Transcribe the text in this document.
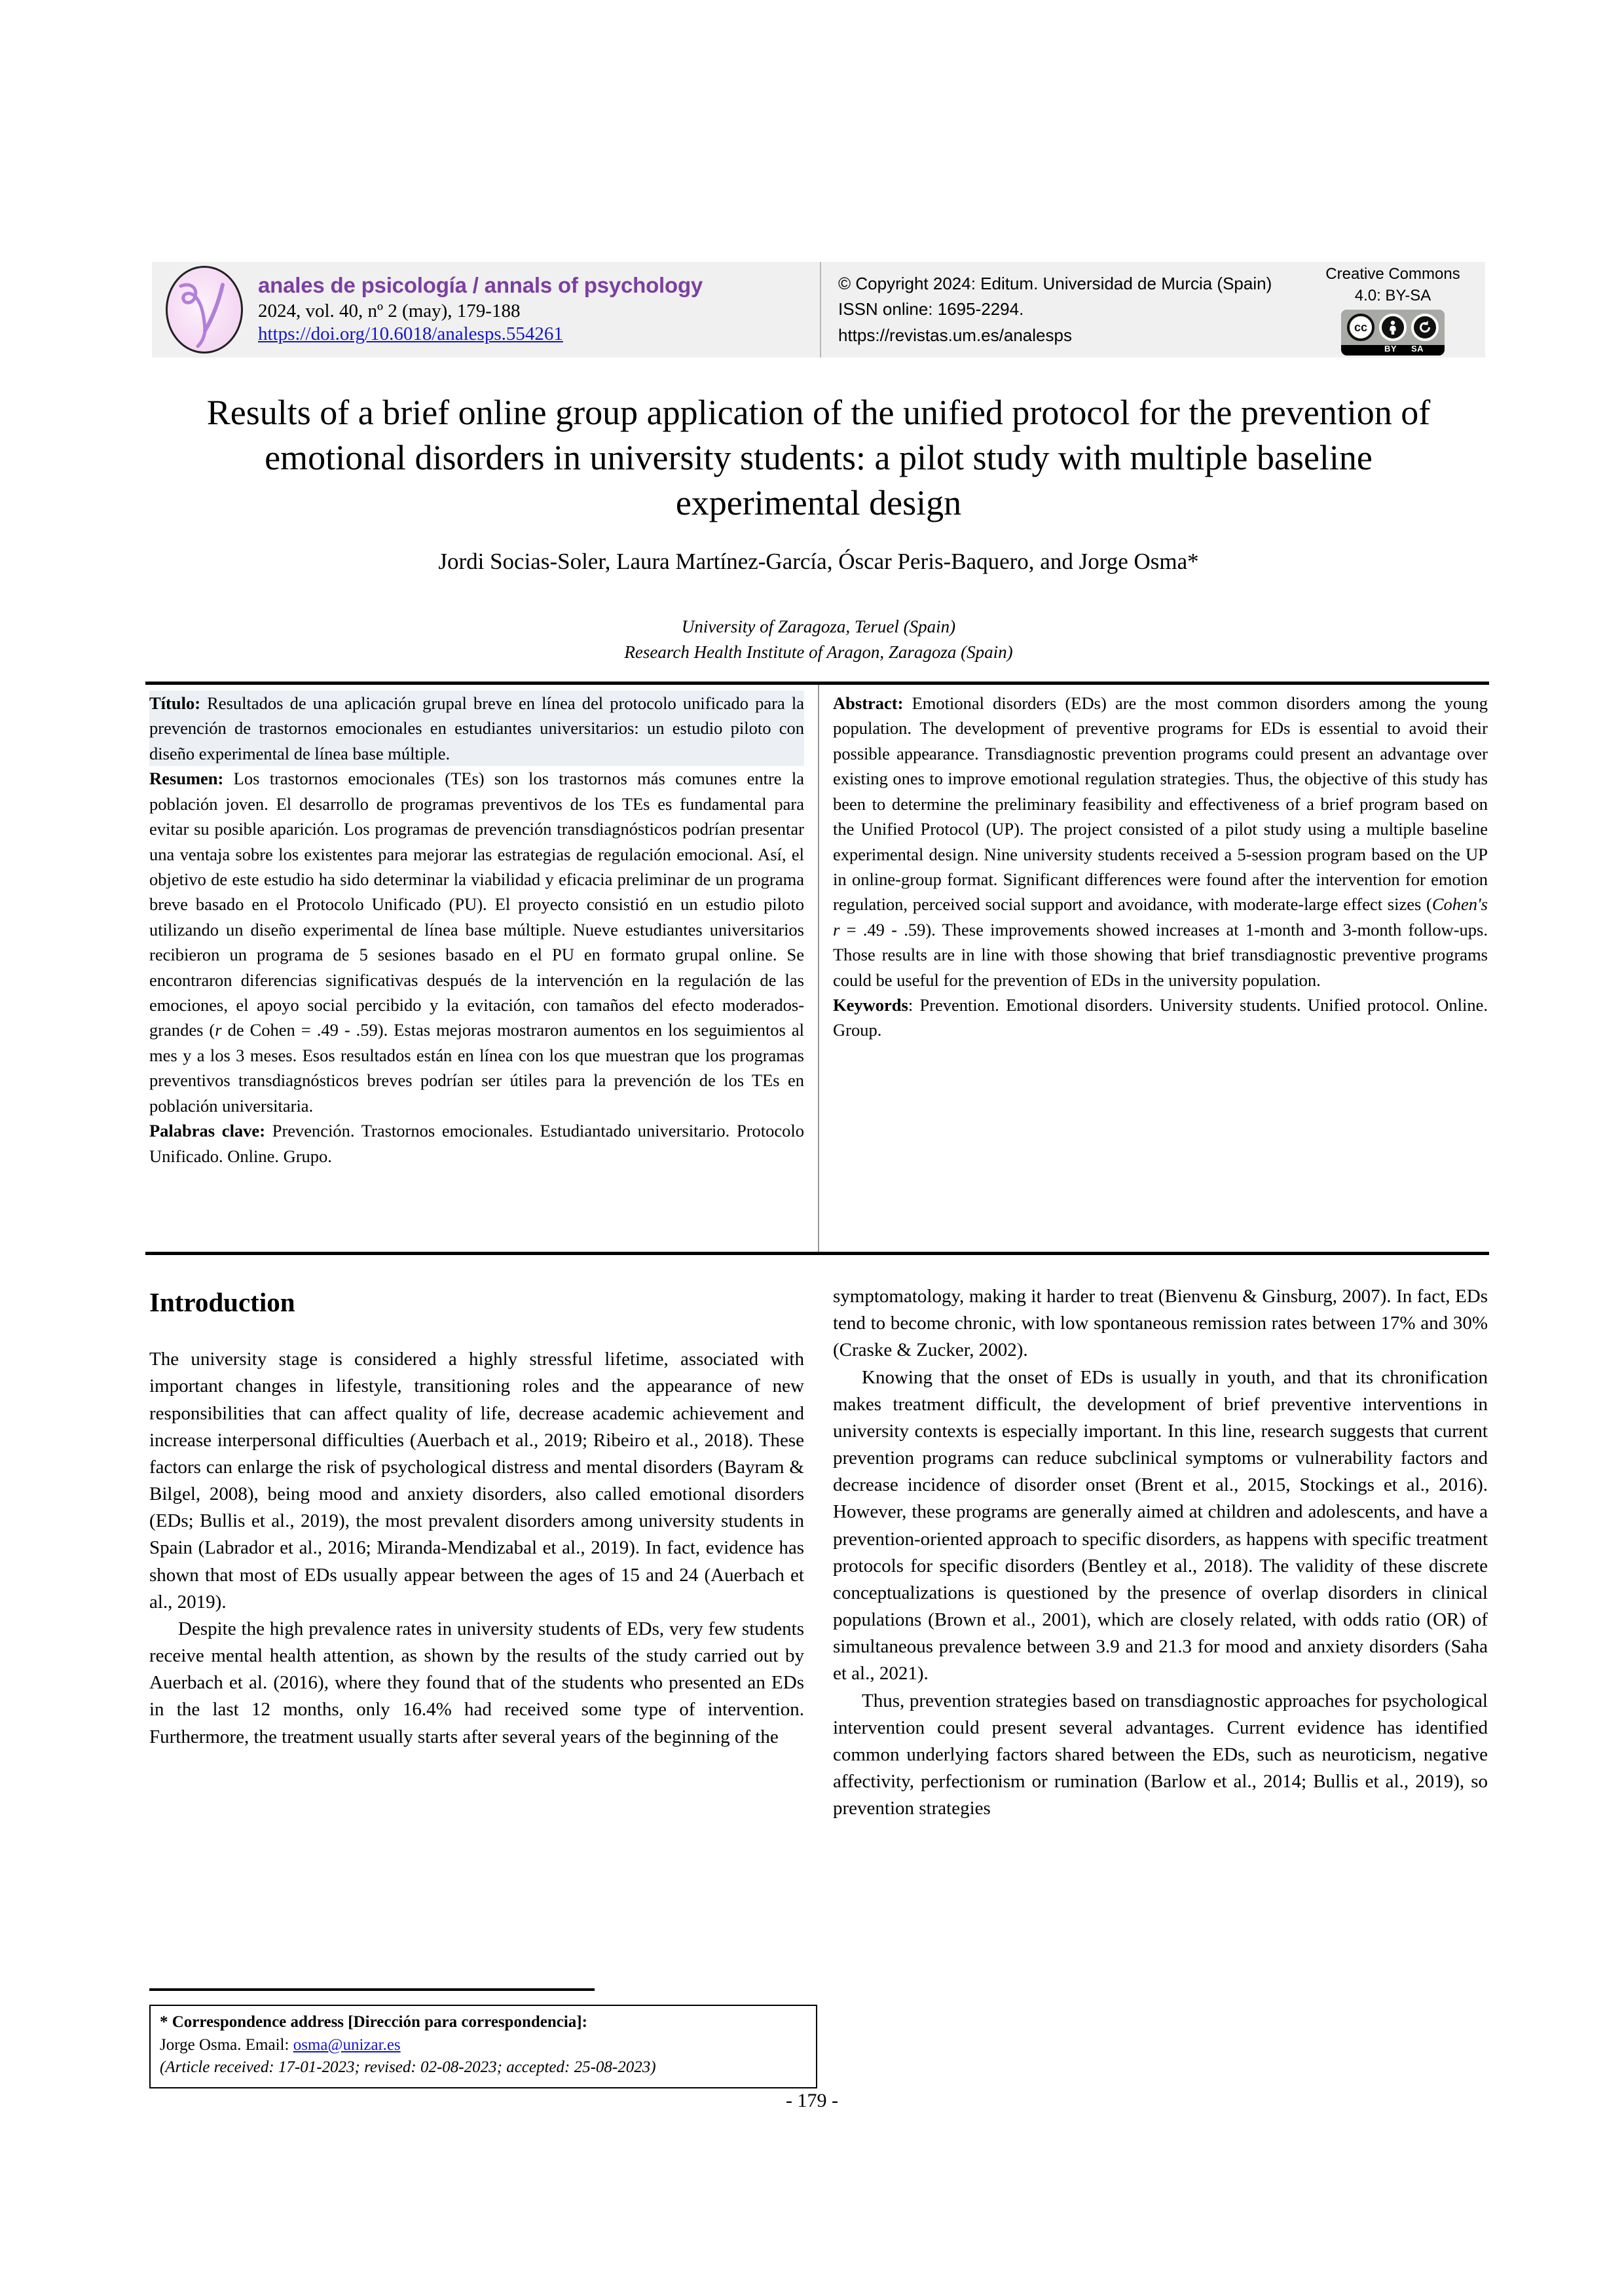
anales de psicología / annals of psychology
2024, vol. 40, nº 2 (may), 179-188
https://doi.org/10.6018/analesps.554261
© Copyright 2024: Editum. Universidad de Murcia (Spain)
ISSN online: 1695-2294.
https://revistas.um.es/analesps
Creative Commons
4.0: BY-SA
cc
BY SA
Results of a brief online group application of the unified protocol for the prevention of emotional disorders in university students: a pilot study with multiple baseline experimental design
Jordi Socias-Soler, Laura Martínez-García, Óscar Peris-Baquero, and Jorge Osma*
University of Zaragoza, Teruel (Spain)
Research Health Institute of Aragon, Zaragoza (Spain)
Título: Resultados de una aplicación grupal breve en línea del protocolo unificado para la prevención de trastornos emocionales en estudiantes universitarios: un estudio piloto con diseño experimental de línea base múltiple.
Resumen: Los trastornos emocionales (TEs) son los trastornos más comunes entre la población joven. El desarrollo de programas preventivos de los TEs es fundamental para evitar su posible aparición. Los programas de prevención transdiagnósticos podrían presentar una ventaja sobre los existentes para mejorar las estrategias de regulación emocional. Así, el objetivo de este estudio ha sido determinar la viabilidad y eficacia preliminar de un programa breve basado en el Protocolo Unificado (PU). El proyecto consistió en un estudio piloto utilizando un diseño experimental de línea base múltiple. Nueve estudiantes universitarios recibieron un programa de 5 sesiones basado en el PU en formato grupal online. Se encontraron diferencias significativas después de la intervención en la regulación de las emociones, el apoyo social percibido y la evitación, con tamaños del efecto moderados-grandes (r de Cohen = .49 - .59). Estas mejoras mostraron aumentos en los seguimientos al mes y a los 3 meses. Esos resultados están en línea con los que muestran que los programas preventivos transdiagnósticos breves podrían ser útiles para la prevención de los TEs en población universitaria.
Palabras clave: Prevención. Trastornos emocionales. Estudiantado universitario. Protocolo Unificado. Online. Grupo.
Abstract: Emotional disorders (EDs) are the most common disorders among the young population. The development of preventive programs for EDs is essential to avoid their possible appearance. Transdiagnostic prevention programs could present an advantage over existing ones to improve emotional regulation strategies. Thus, the objective of this study has been to determine the preliminary feasibility and effectiveness of a brief program based on the Unified Protocol (UP). The project consisted of a pilot study using a multiple baseline experimental design. Nine university students received a 5-session program based on the UP in online-group format. Significant differences were found after the intervention for emotion regulation, perceived social support and avoidance, with moderate-large effect sizes (Cohen's r = .49 - .59). These improvements showed increases at 1-month and 3-month follow-ups. Those results are in line with those showing that brief transdiagnostic preventive programs could be useful for the prevention of EDs in the university population.
Keywords: Prevention. Emotional disorders. University students. Unified protocol. Online. Group.
Introduction

The university stage is considered a highly stressful lifetime, associated with important changes in lifestyle, transitioning roles and the appearance of new responsibilities that can affect quality of life, decrease academic achievement and increase interpersonal difficulties (Auerbach et al., 2019; Ribeiro et al., 2018). These factors can enlarge the risk of psychological distress and mental disorders (Bayram & Bilgel, 2008), being mood and anxiety disorders, also called emotional disorders (EDs; Bullis et al., 2019), the most prevalent disorders among university students in Spain (Labrador et al., 2016; Miranda-Mendizabal et al., 2019). In fact, evidence has shown that most of EDs usually appear between the ages of 15 and 24 (Auerbach et al., 2019).

Despite the high prevalence rates in university students of EDs, very few students receive mental health attention, as shown by the results of the study carried out by Auerbach et al. (2016), where they found that of the students who presented an EDs in the last 12 months, only 16.4% had received some type of intervention. Furthermore, the treatment usually starts after several years of the beginning of the

symptomatology, making it harder to treat (Bienvenu & Ginsburg, 2007). In fact, EDs tend to become chronic, with low spontaneous remission rates between 17% and 30% (Craske & Zucker, 2002).

Knowing that the onset of EDs is usually in youth, and that its chronification makes treatment difficult, the development of brief preventive interventions in university contexts is especially important. In this line, research suggests that current prevention programs can reduce subclinical symptoms or vulnerability factors and decrease incidence of disorder onset (Brent et al., 2015, Stockings et al., 2016). However, these programs are generally aimed at children and adolescents, and have a prevention-oriented approach to specific disorders, as happens with specific treatment protocols for specific disorders (Bentley et al., 2018). The validity of these discrete conceptualizations is questioned by the presence of overlap disorders in clinical populations (Brown et al., 2001), which are closely related, with odds ratio (OR) of simultaneous prevalence between 3.9 and 21.3 for mood and anxiety disorders (Saha et al., 2021).

Thus, prevention strategies based on transdiagnostic approaches for psychological intervention could present several advantages. Current evidence has identified common underlying factors shared between the EDs, such as neuroticism, negative affectivity, perfectionism or rumination (Barlow et al., 2014; Bullis et al., 2019), so prevention strategies

* Correspondence address [Dirección para correspondencia]:
Jorge Osma. Email: osma@unizar.es
(Article received: 17-01-2023; revised: 02-08-2023; accepted: 25-08-2023)
- 179 -
